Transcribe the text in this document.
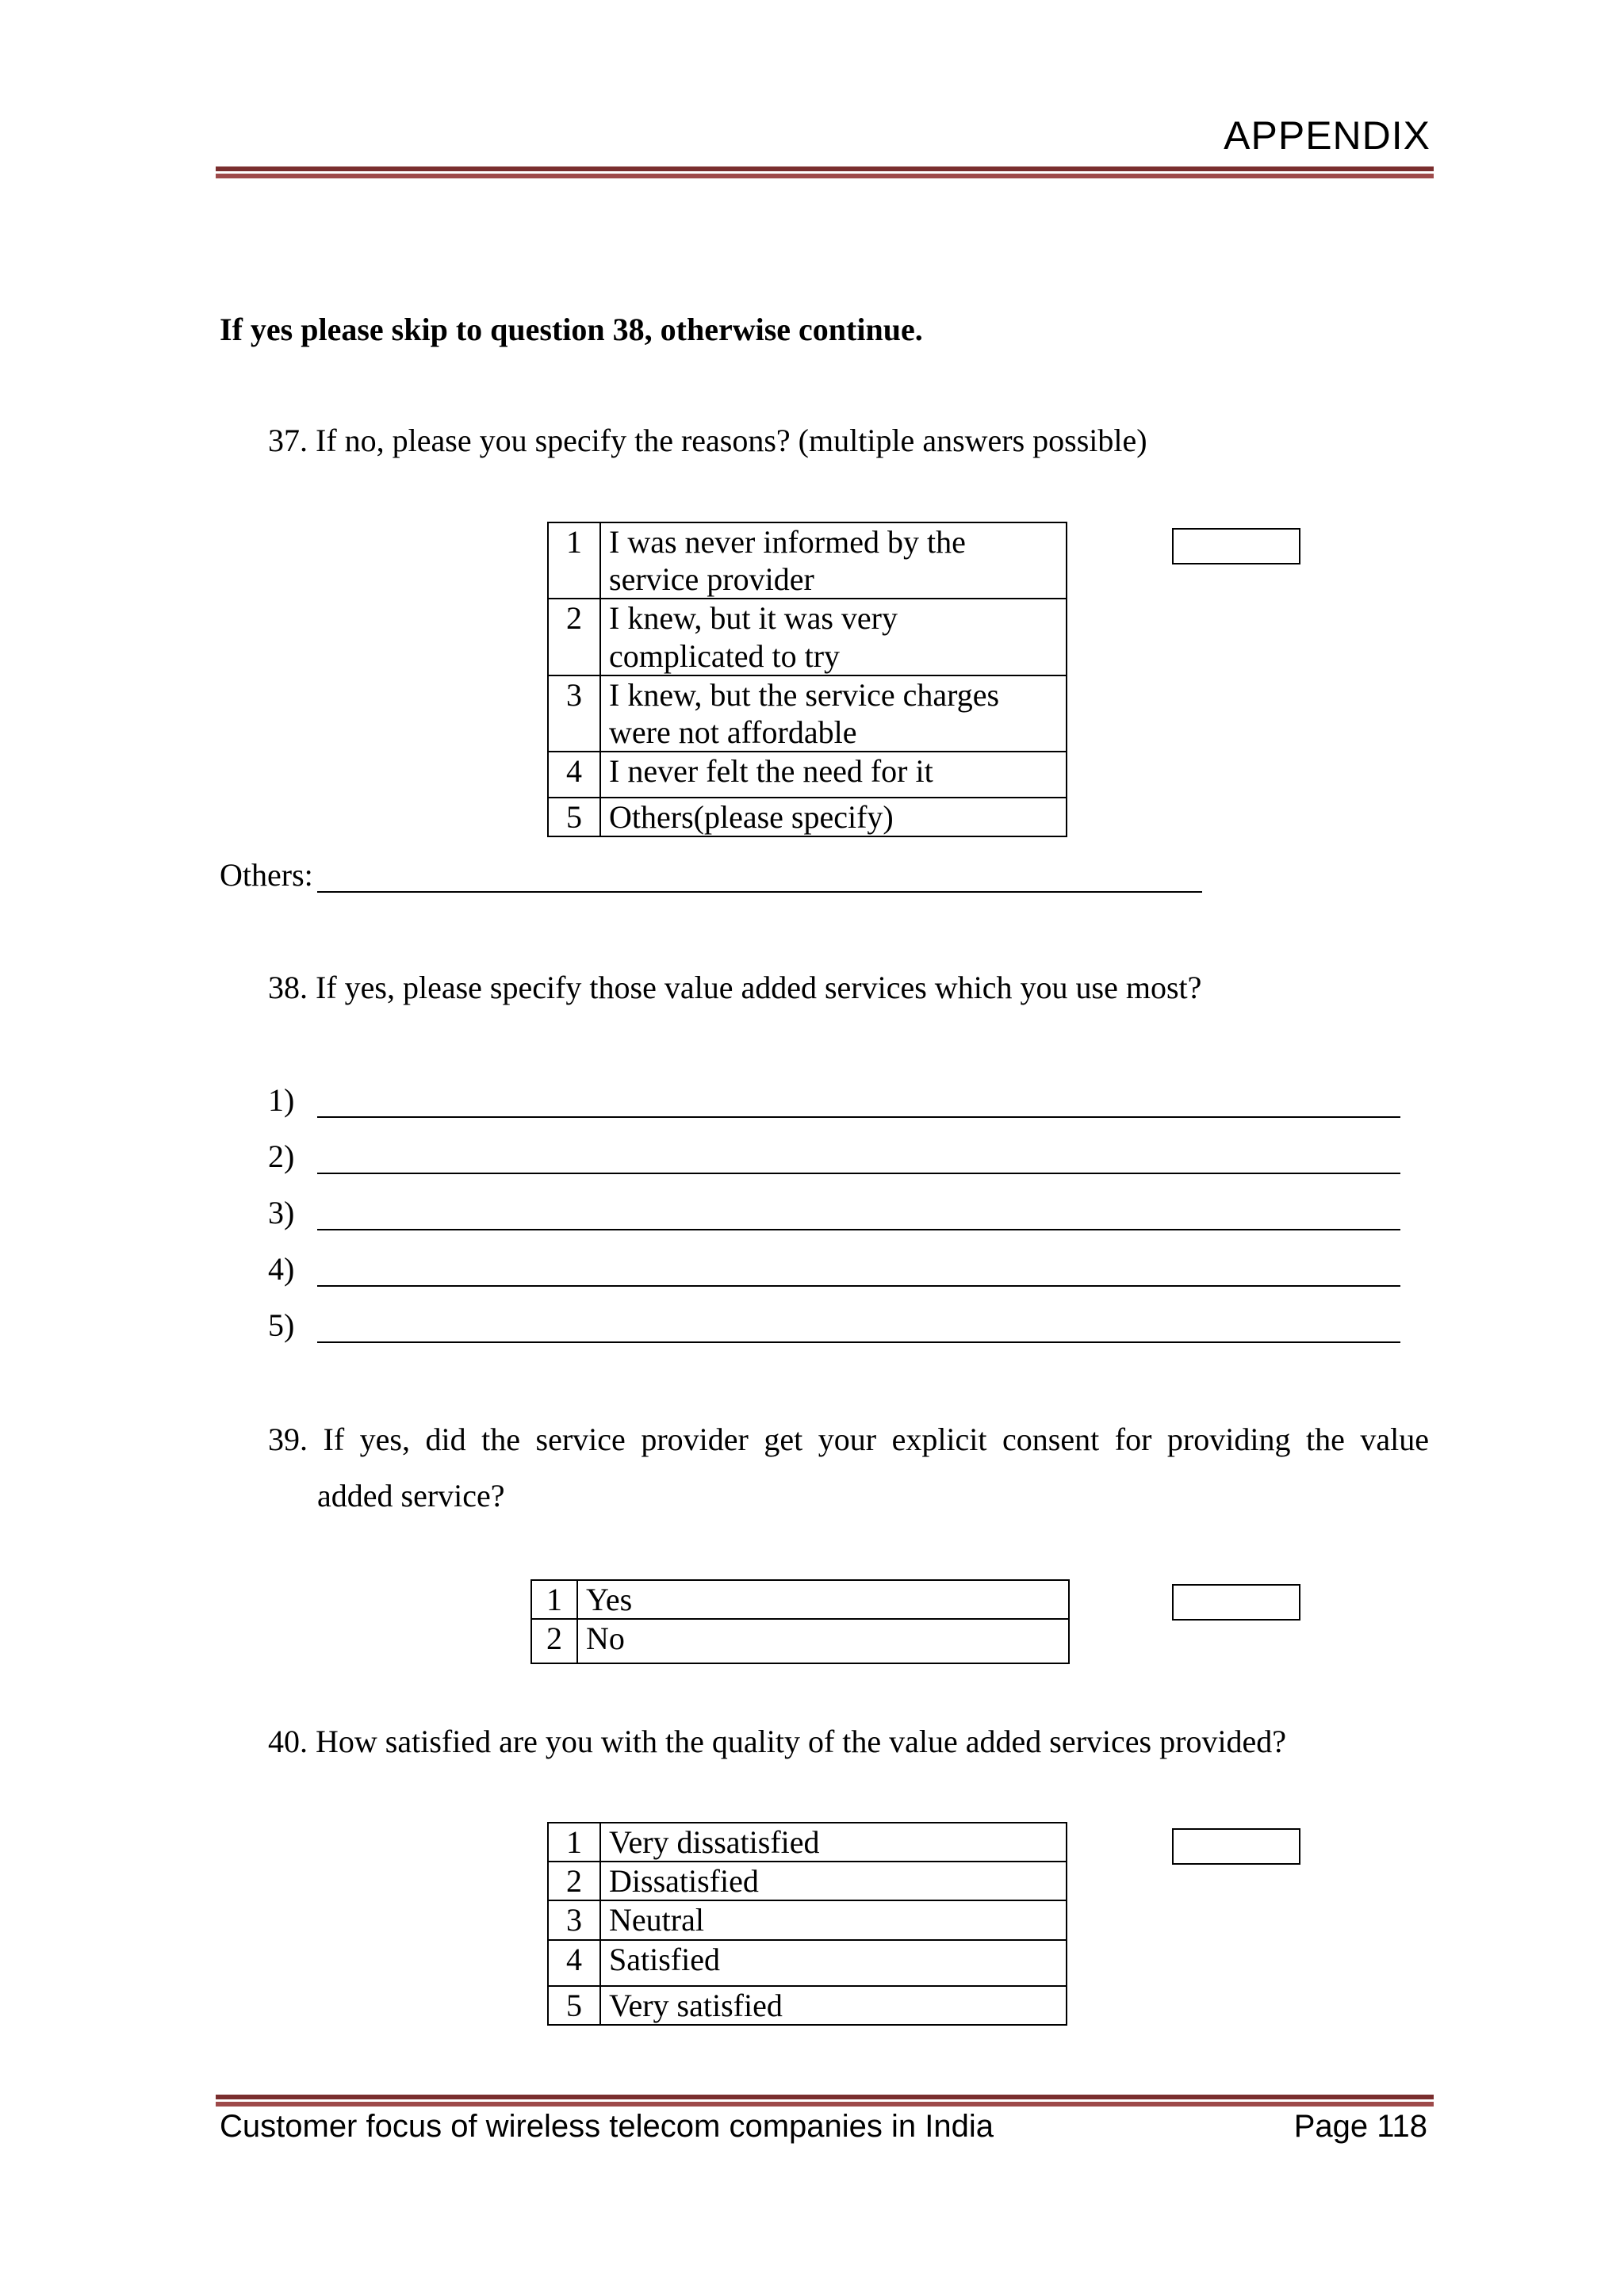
APPENDIX
If yes please skip to question 38, otherwise continue.
37. If no, please you specify the reasons? (multiple answers possible)
1	I was never informed by the service provider
2	I knew, but it was very complicated to try
3	I knew, but the service charges were not affordable
4	I never felt the need for it
5	Others(please specify)
Others:
38. If yes, please specify those value added services which you use most?
1)
2)
3)
4)
5)
39. If yes, did the service provider get your explicit consent for providing the value
added service?
1	Yes
2	No
40. How satisfied are you with the quality of the value added services provided?
1	Very dissatisfied
2	Dissatisfied
3	Neutral
4	Satisfied
5	Very satisfied
Customer focus of wireless telecom companies in India	Page 118
